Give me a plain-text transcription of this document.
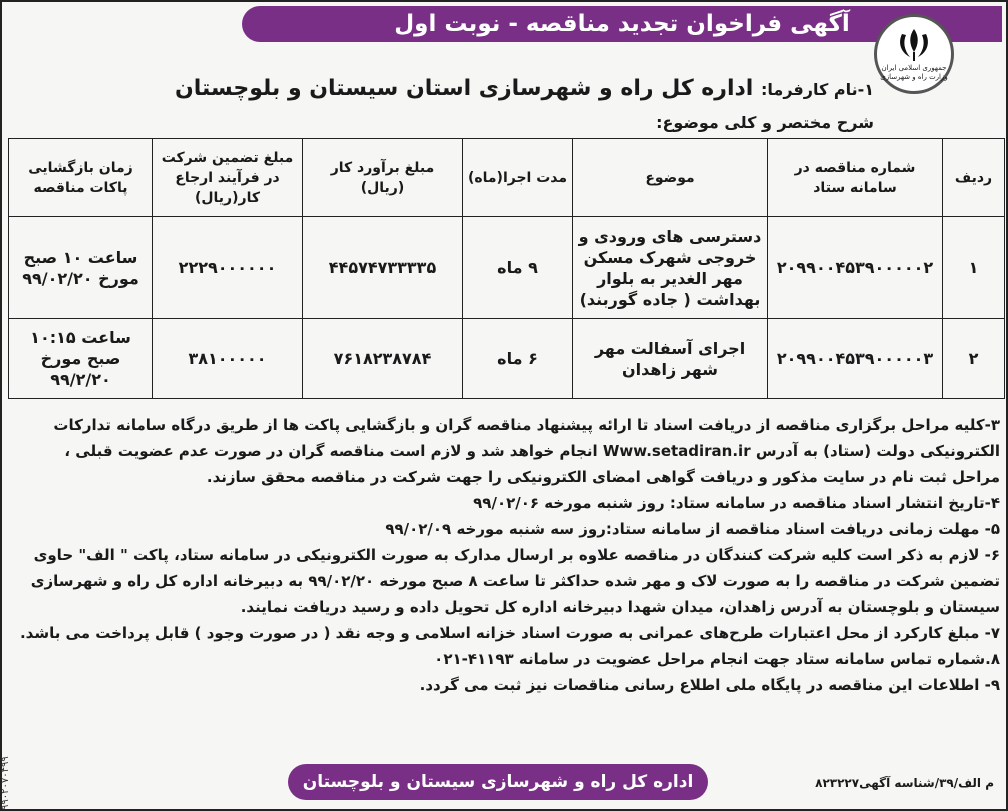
آگهی فراخوان تجدید مناقصه - نوبت اول
جمهوری اسلامی ایران
وزارت راه و شهرسازی
۱-نام کارفرما: اداره کل راه و شهرسازی استان سیستان و بلوچستان
شرح مختصر و کلی موضوع:
ردیف	شماره مناقصه در سامانه ستاد	موضوع	مدت اجرا(ماه)	مبلغ برآورد کار (ریال)	مبلغ تضمین شرکت در فرآیند ارجاع کار(ریال)	زمان بازگشایی پاکات مناقصه
۱	۲۰۹۹۰۰۴۵۳۹۰۰۰۰۰۲	دسترسی های ورودی و خروجی شهرک مسکن مهر الغدیر به بلوار بهداشت ( جاده گوربند)	۹ ماه	۴۴۵۷۴۷۳۳۳۳۵	۲۲۲۹۰۰۰۰۰۰	ساعت ۱۰ صبح مورخ ۹۹/۰۲/۲۰
۲	۲۰۹۹۰۰۴۵۳۹۰۰۰۰۰۳	اجرای آسفالت مهر شهر زاهدان	۶ ماه	۷۶۱۸۲۳۸۷۸۴	۳۸۱۰۰۰۰۰	ساعت ۱۰:۱۵ صبح مورخ ۹۹/۲/۲۰

۳-کلیه مراحل برگزاری مناقصه از دریافت اسناد تا ارائه پیشنهاد مناقصه گران و بازگشایی پاکت ها از طریق درگاه سامانه تدارکات الکترونیکی دولت (ستاد) به آدرس Www.setadiran.ir انجام خواهد شد و لازم است مناقصه گران در صورت عدم عضویت قبلی ، مراحل ثبت نام در سایت مذکور و دریافت گواهی امضای الکترونیکی را جهت شرکت در مناقصه محقق سازند.

۴-تاریخ انتشار اسناد مناقصه در سامانه ستاد: روز شنبه مورخه ۹۹/۰۲/۰۶

۵- مهلت زمانی دریافت اسناد مناقصه از سامانه ستاد:روز سه شنبه مورخه ۹۹/۰۲/۰۹

۶- لازم به ذکر است کلیه شرکت کنندگان در مناقصه علاوه بر ارسال مدارک به صورت الکترونیکی در سامانه ستاد، پاکت " الف" حاوی تضمین شرکت در مناقصه را به صورت لاک و مهر شده حداکثر تا ساعت ۸ صبح مورخه ۹۹/۰۲/۲۰ به دبیرخانه اداره کل راه و شهرسازی سیستان و بلوچستان به آدرس زاهدان، میدان شهدا دبیرخانه اداره کل تحویل داده و رسید دریافت نمایند.

۷- مبلغ کارکرد از محل اعتبارات طرح‌های عمرانی به صورت اسناد خزانه اسلامی و وجه نقد ( در صورت وجود ) قابل پرداخت می باشد.

۸.شماره تماس سامانه ستاد جهت انجام مراحل عضویت در سامانه ۴۱۱۹۳-۰۲۱

۹- اطلاعات این مناقصه در پایگاه ملی اطلاع رسانی مناقصات نیز ثبت می گردد.

اداره کل راه و شهرسازی سیستان و بلوچستان	م الف/۳۹/شناسه آگهی۸۲۳۲۲۷
۹۹۰۲۰۷۰۴۹۹
